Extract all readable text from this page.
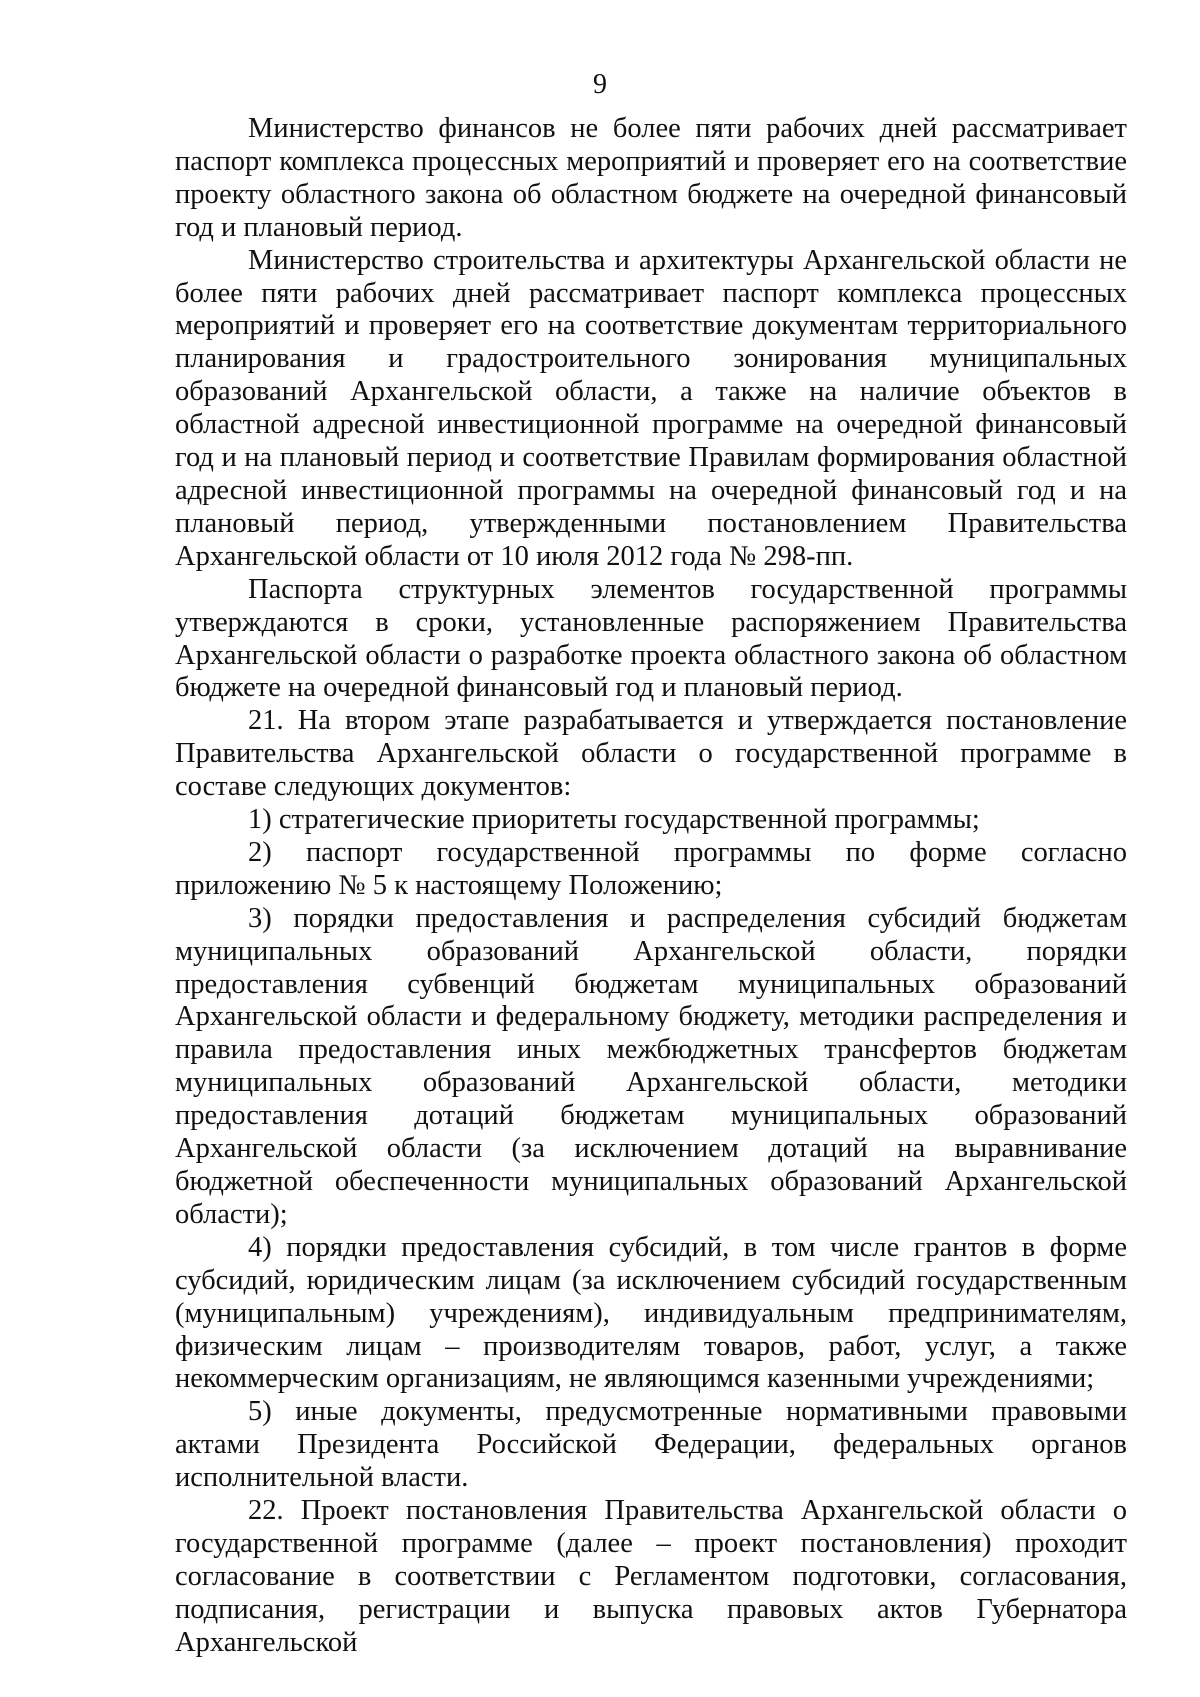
9

Министерство финансов не более пяти рабочих дней рассматривает паспорт комплекса процессных мероприятий и проверяет его на соответствие проекту областного закона об областном бюджете на очередной финансовый год и плановый период.

Министерство строительства и архитектуры Архангельской области не более пяти рабочих дней рассматривает паспорт комплекса процессных мероприятий и проверяет его на соответствие документам территориального планирования и градостроительного зонирования муниципальных образований Архангельской области, а также на наличие объектов в областной адресной инвестиционной программе на очередной финансовый год и на плановый период и соответствие Правилам формирования областной адресной инвестиционной программы на очередной финансовый год и на плановый период, утвержденными постановлением Правительства Архангельской области от 10 июля 2012 года № 298-пп.

Паспорта структурных элементов государственной программы утверждаются в сроки, установленные распоряжением Правительства Архангельской области о разработке проекта областного закона об областном бюджете на очередной финансовый год и плановый период.

21. На втором этапе разрабатывается и утверждается постановление Правительства Архангельской области о государственной программе в составе следующих документов:

1) стратегические приоритеты государственной программы;

2) паспорт государственной программы по форме согласно приложению № 5 к настоящему Положению;

3) порядки предоставления и распределения субсидий бюджетам муниципальных образований Архангельской области, порядки предоставления субвенций бюджетам муниципальных образований Архангельской области и федеральному бюджету, методики распределения и правила предоставления иных межбюджетных трансфертов бюджетам муниципальных образований Архангельской области, методики предоставления дотаций бюджетам муниципальных образований Архангельской области (за исключением дотаций на выравнивание бюджетной обеспеченности муниципальных образований Архангельской области);

4) порядки предоставления субсидий, в том числе грантов в форме субсидий, юридическим лицам (за исключением субсидий государственным (муниципальным) учреждениям), индивидуальным предпринимателям, физическим лицам – производителям товаров, работ, услуг, а также некоммерческим организациям, не являющимся казенными учреждениями;

5) иные документы, предусмотренные нормативными правовыми актами Президента Российской Федерации, федеральных органов исполнительной власти.

22. Проект постановления Правительства Архангельской области о государственной программе (далее – проект постановления) проходит согласование в соответствии с Регламентом подготовки, согласования, подписания, регистрации и выпуска правовых актов Губернатора Архангельской
